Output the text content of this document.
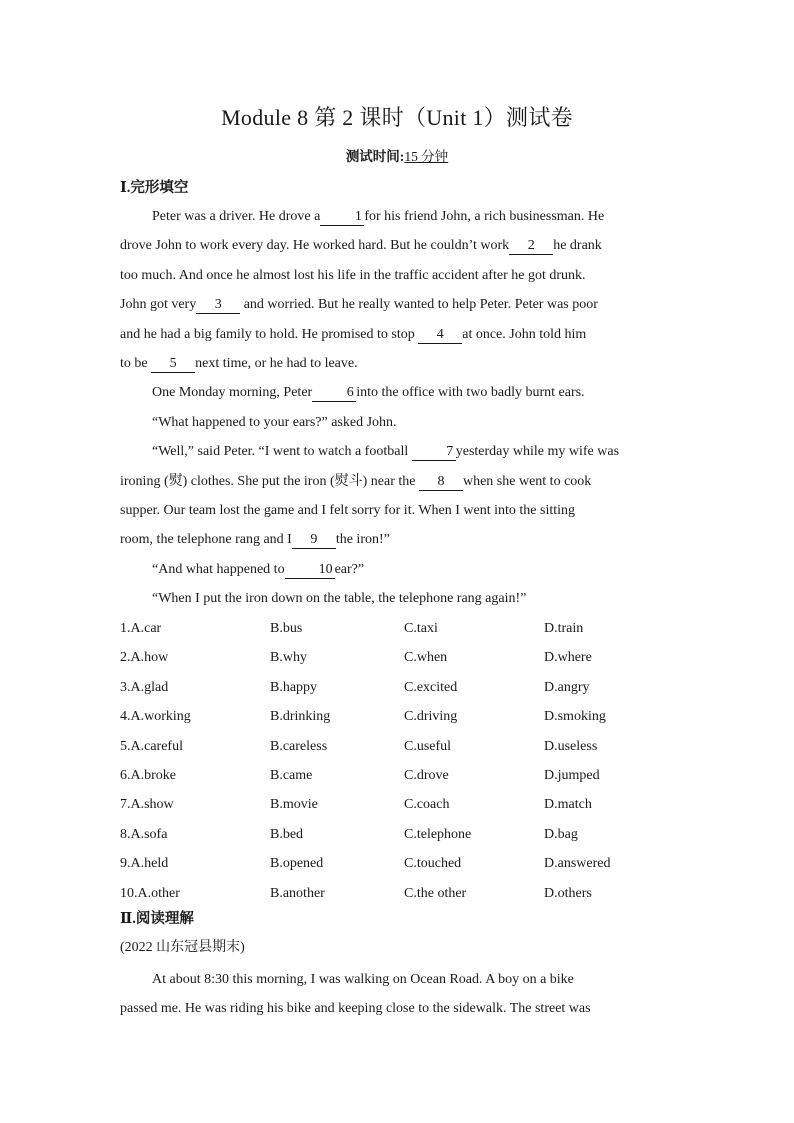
Module 8 第 2 课时（Unit 1）测试卷
测试时间:15 分钟
Ⅰ.完形填空
Peter was a driver. He drove a 1 for his friend John, a rich businessman. He
drove John to work every day. He worked hard. But he couldn’t work 2 he drank
too much. And once he almost lost his life in the traffic accident after he got drunk.
John got very 3 and worried. But he really wanted to help Peter. Peter was poor
and he had a big family to hold. He promised to stop 4 at once. John told him
to be 5 next time, or he had to leave.
One Monday morning, Peter 6 into the office with two badly burnt ears.
“What happened to your ears?” asked John.
“Well,” said Peter. “I went to watch a football 7 yesterday while my wife was
ironing (熨) clothes. She put the iron (熨斗) near the 8 when she went to cook
supper. Our team lost the game and I felt sorry for it. When I went into the sitting
room, the telephone rang and I 9 the iron!”
“And what happened to 10 ear?”
“When I put the iron down on the table, the telephone rang again!”
1.A.car	B.bus	C.taxi	D.train
2.A.how	B.why	C.when	D.where
3.A.glad	B.happy	C.excited	D.angry
4.A.working	B.drinking	C.driving	D.smoking
5.A.careful	B.careless	C.useful	D.useless
6.A.broke	B.came	C.drove	D.jumped
7.A.show	B.movie	C.coach	D.match
8.A.sofa	B.bed	C.telephone	D.bag
9.A.held	B.opened	C.touched	D.answered
10.A.other	B.another	C.the other	D.others
Ⅱ.阅读理解
(2022 山东冠县期末)
At about 8:30 this morning, I was walking on Ocean Road. A boy on a bike
passed me. He was riding his bike and keeping close to the sidewalk. The street was
